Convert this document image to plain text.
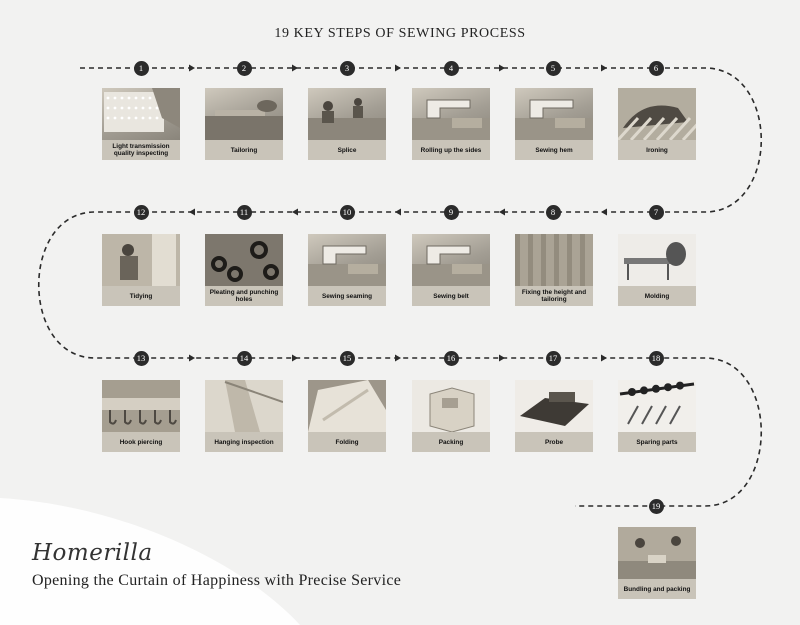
19 KEY STEPS OF SEWING PROCESS
1
Light transmission quality inspecting
2
Tailoring
3
Splice
4
Rolling up the sides
5
Sewing hem
6
Ironing
7
Molding
8
Fixing the height and tailoring
9
Sewing belt
10
Sewing seaming
11
Pleating and punching holes
12
Tidying
13
Hook piercing
14
Hanging inspection
15
Folding
16
Packing
17
Probe
18
Sparing parts
19
Bundling and packing
Homerilla
Opening the Curtain of Happiness with Precise Service
